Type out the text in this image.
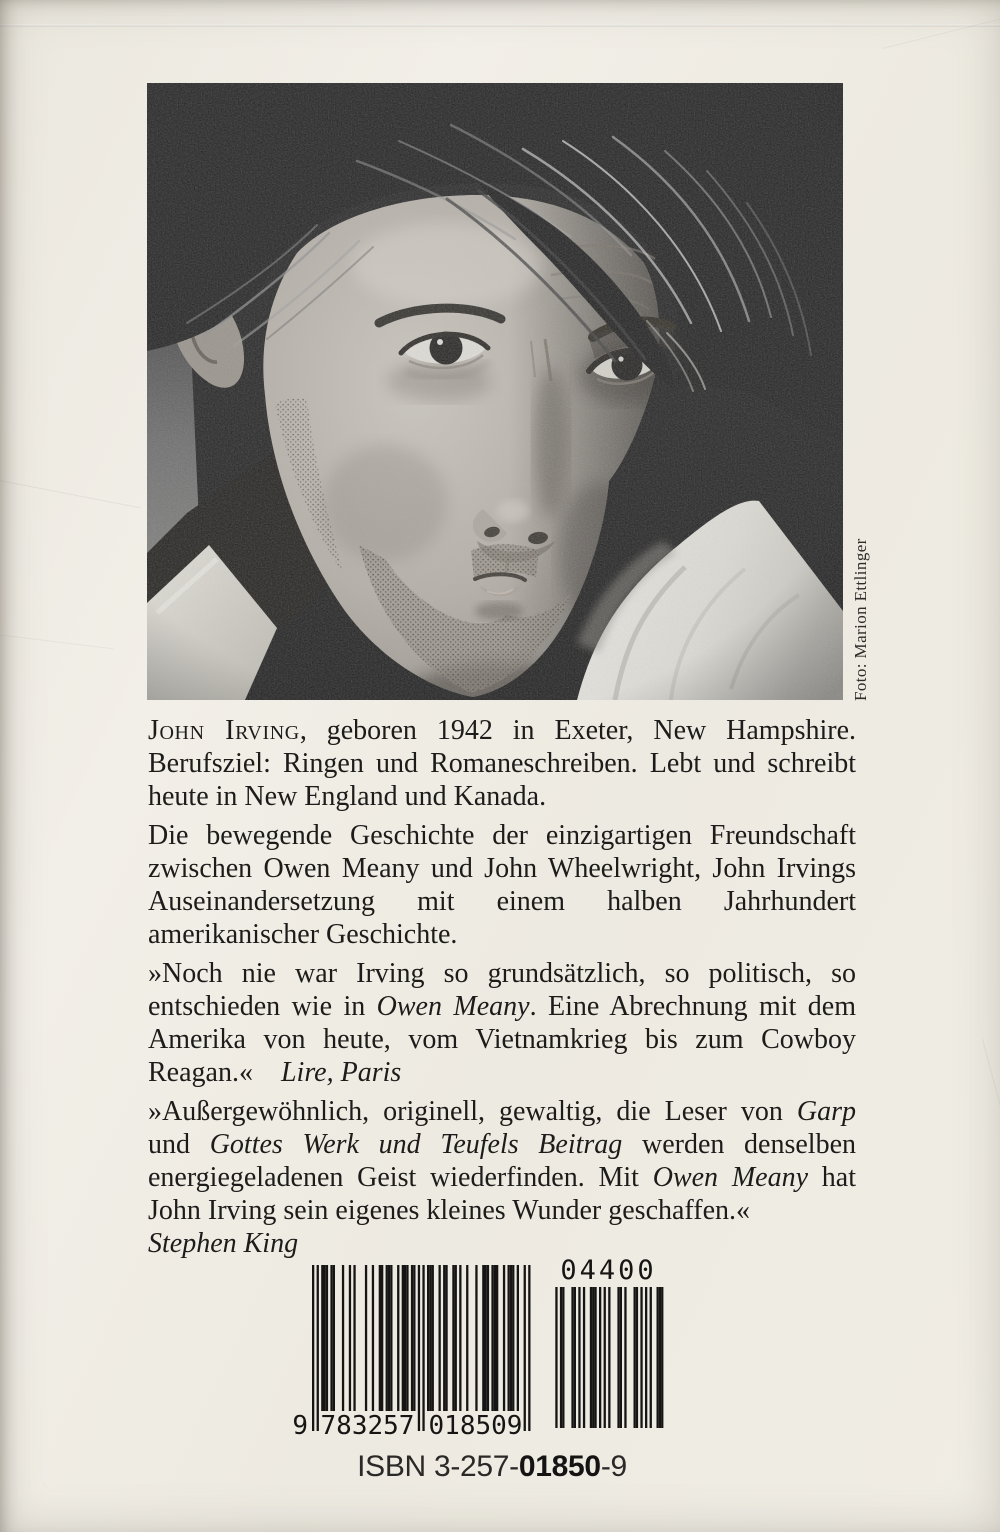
Foto: Marion Ettlinger

John Irving, geboren 1942 in Exeter, New Hampshire. Berufsziel: Ringen und Romaneschreiben. Lebt und schreibt heute in New England und Kanada.

Die bewegende Geschichte der einzigartigen Freundschaft zwischen Owen Meany und John Wheelwright, John Irvings Auseinandersetzung mit einem halben Jahrhundert amerikanischer Geschichte.

»Noch nie war Irving so grundsätzlich, so politisch, so entschieden wie in Owen Meany. Eine Abrechnung mit dem Amerika von heute, vom Vietnamkrieg bis zum Cowboy Reagan.« Lire, Paris

»Außergewöhnlich, originell, gewaltig, die Leser von Garp und Gottes Werk und Teufels Beitrag werden denselben energiegeladenen Geist wiederfinden. Mit Owen Meany hat John Irving sein eigenes kleines Wunder geschaffen.«

Stephen King

9 783257 018509
04400
ISBN 3-257-01850-9
